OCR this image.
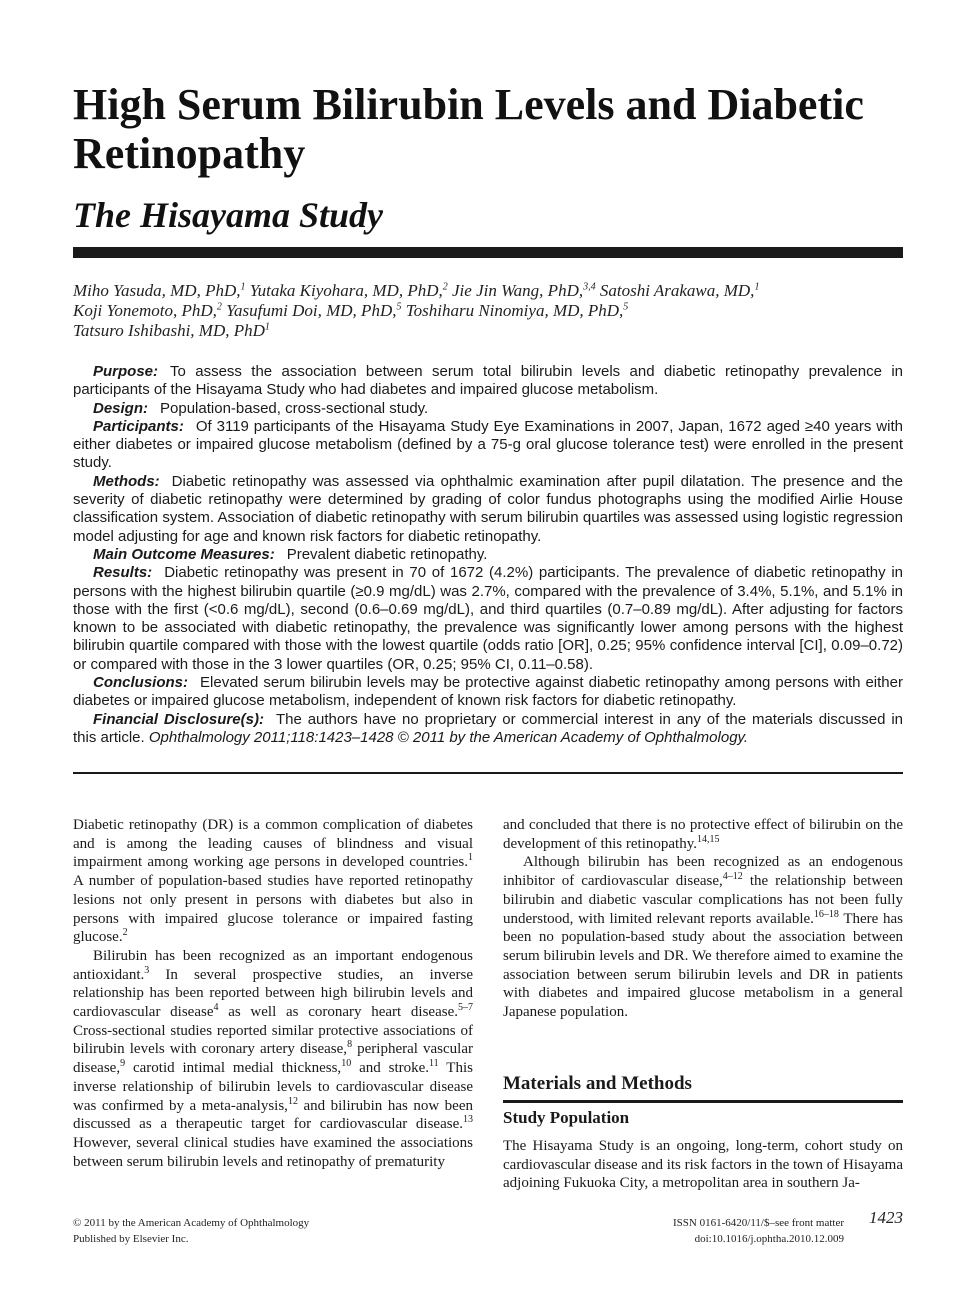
High Serum Bilirubin Levels and Diabetic Retinopathy
The Hisayama Study
Miho Yasuda, MD, PhD,$^1$ Yutaka Kiyohara, MD, PhD,$^2$ Jie Jin Wang, PhD,$^{3,4}$ Satoshi Arakawa, MD,$^1$
Koji Yonemoto, PhD,$^2$ Yasufumi Doi, MD, PhD,$^5$ Toshiharu Ninomiya, MD, PhD,$^5$
Tatsuro Ishibashi, MD, PhD$^1$

Purpose: To assess the association between serum total bilirubin levels and diabetic retinopathy prevalence in participants of the Hisayama Study who had diabetes and impaired glucose metabolism.

Design: Population-based, cross-sectional study.

Participants: Of 3119 participants of the Hisayama Study Eye Examinations in 2007, Japan, 1672 aged ≥40 years with either diabetes or impaired glucose metabolism (defined by a 75-g oral glucose tolerance test) were enrolled in the present study.

Methods: Diabetic retinopathy was assessed via ophthalmic examination after pupil dilatation. The presence and the severity of diabetic retinopathy were determined by grading of color fundus photographs using the modified Airlie House classification system. Association of diabetic retinopathy with serum bilirubin quartiles was assessed using logistic regression model adjusting for age and known risk factors for diabetic retinopathy.

Main Outcome Measures: Prevalent diabetic retinopathy.

Results: Diabetic retinopathy was present in 70 of 1672 (4.2%) participants. The prevalence of diabetic retinopathy in persons with the highest bilirubin quartile (≥0.9 mg/dL) was 2.7%, compared with the prevalence of 3.4%, 5.1%, and 5.1% in those with the first (<0.6 mg/dL), second (0.6–0.69 mg/dL), and third quartiles (0.7–0.89 mg/dL). After adjusting for factors known to be associated with diabetic retinopathy, the prevalence was significantly lower among persons with the highest bilirubin quartile compared with those with the lowest quartile (odds ratio [OR], 0.25; 95% confidence interval [CI], 0.09–0.72) or compared with those in the 3 lower quartiles (OR, 0.25; 95% CI, 0.11–0.58).

Conclusions: Elevated serum bilirubin levels may be protective against diabetic retinopathy among persons with either diabetes or impaired glucose metabolism, independent of known risk factors for diabetic retinopathy.

Financial Disclosure(s): The authors have no proprietary or commercial interest in any of the materials discussed in this article. Ophthalmology 2011;118:1423–1428 © 2011 by the American Academy of Ophthalmology.

Diabetic retinopathy (DR) is a common complication of diabetes and is among the leading causes of blindness and visual impairment among working age persons in developed countries.$^1$ A number of population-based studies have reported retinopathy lesions not only present in persons with diabetes but also in persons with impaired glucose tolerance or impaired fasting glucose.$^2$

Bilirubin has been recognized as an important endogenous antioxidant.$^3$ In several prospective studies, an inverse relationship has been reported between high bilirubin levels and cardiovascular disease$^4$ as well as coronary heart disease.$^{5-7}$ Cross-sectional studies reported similar protective associations of bilirubin levels with coronary artery disease,$^8$ peripheral vascular disease,$^9$ carotid intimal medial thickness,$^{10}$ and stroke.$^{11}$ This inverse relationship of bilirubin levels to cardiovascular disease was confirmed by a meta-analysis,$^{12}$ and bilirubin has now been discussed as a therapeutic target for cardiovascular disease.$^{13}$ However, several clinical studies have examined the associations between serum bilirubin levels and retinopathy of prematurity

and concluded that there is no protective effect of bilirubin on the development of this retinopathy.$^{14,15}$

Although bilirubin has been recognized as an endogenous inhibitor of cardiovascular disease,$^{4-12}$ the relationship between bilirubin and diabetic vascular complications has not been fully understood, with limited relevant reports available.$^{16-18}$ There has been no population-based study about the association between serum bilirubin levels and DR. We therefore aimed to examine the association between serum bilirubin levels and DR in patients with diabetes and impaired glucose metabolism in a general Japanese population.

Materials and Methods
Study Population

The Hisayama Study is an ongoing, long-term, cohort study on cardiovascular disease and its risk factors in the town of Hisayama adjoining Fukuoka City, a metropolitan area in southern Ja-

© 2011 by the American Academy of Ophthalmology
Published by Elsevier Inc.
ISSN 0161-6420/11/$–see front matter
doi:10.1016/j.ophtha.2010.12.009
1423
